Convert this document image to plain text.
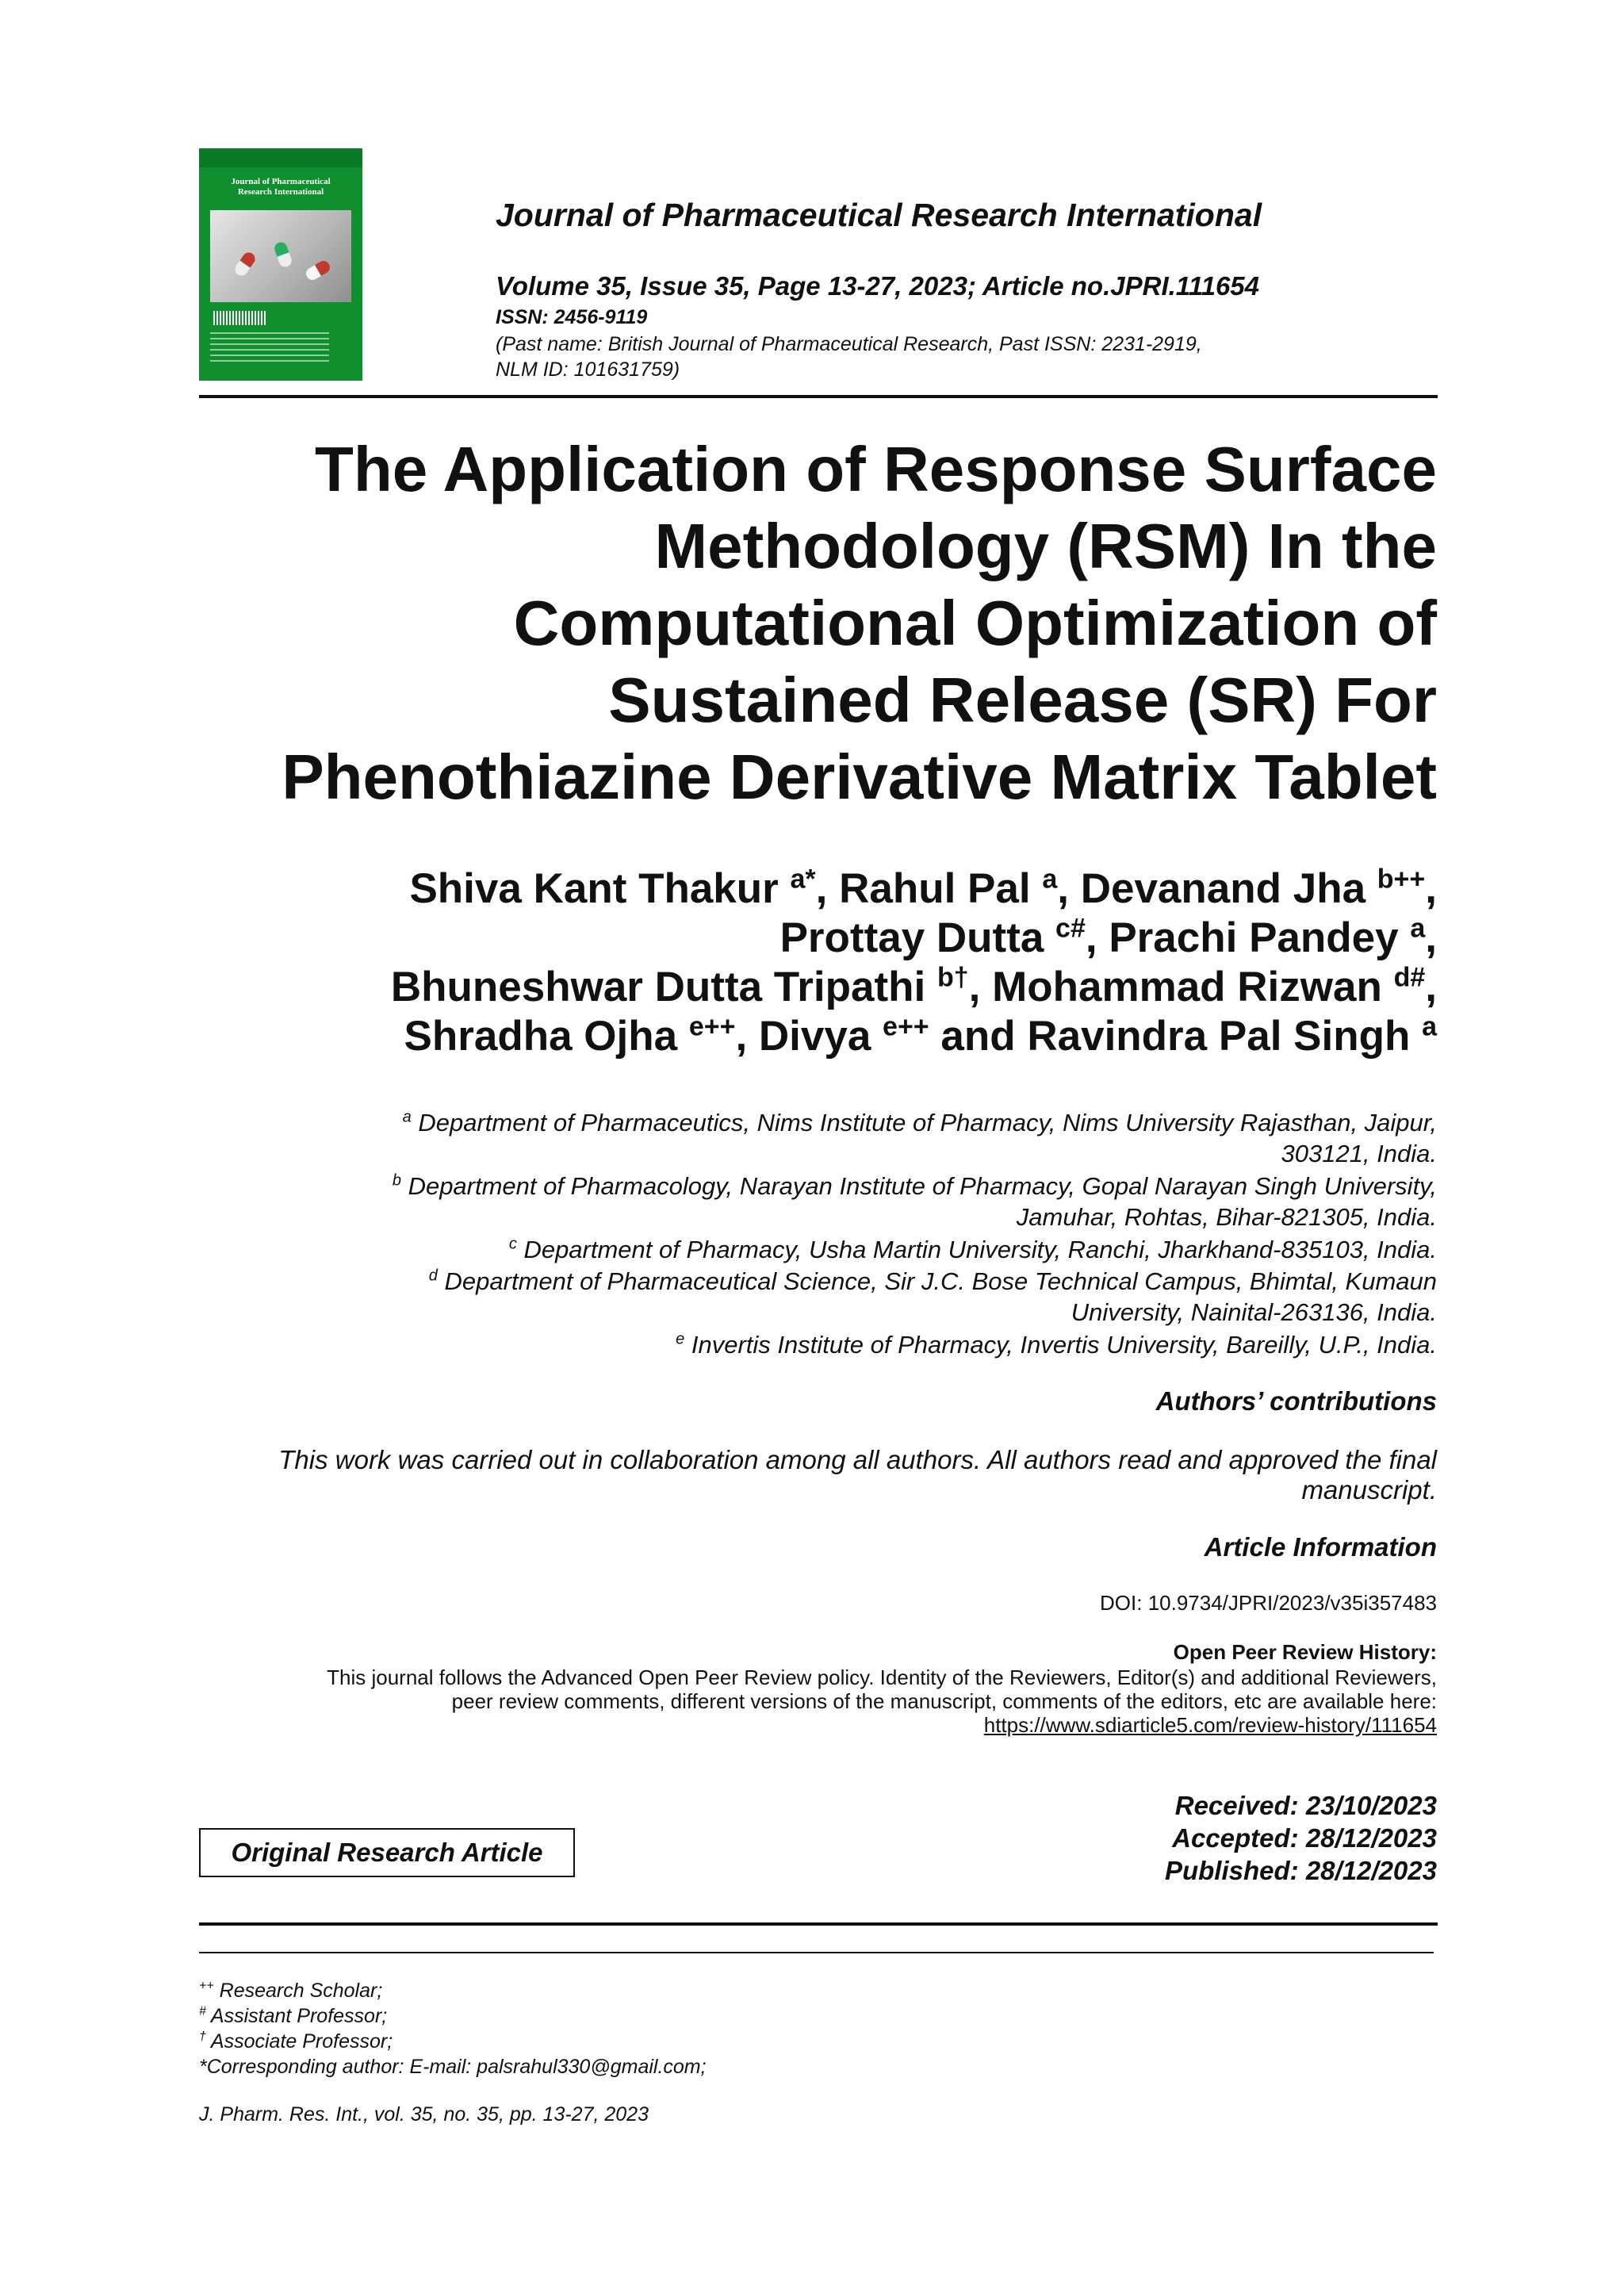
Journal of Pharmaceutical
Research International
Journal of Pharmaceutical Research International
Volume 35, Issue 35, Page 13-27, 2023; Article no.JPRI.111654
ISSN: 2456-9119
(Past name: British Journal of Pharmaceutical Research, Past ISSN: 2231-2919,
NLM ID: 101631759)
The Application of Response Surface
Methodology (RSM) In the
Computational Optimization of
Sustained Release (SR) For
Phenothiazine Derivative Matrix Tablet
Shiva Kant Thakur $^{a*}$, Rahul Pal $^a$, Devanand Jha $^{b++}$,
Prottay Dutta $^{c\#}$, Prachi Pandey $^a$,
Bhuneshwar Dutta Tripathi $^{b\dagger}$, Mohammad Rizwan $^{d\#}$,
Shradha Ojha $^{e++}$, Divya $^{e++}$ and Ravindra Pal Singh $^a$
$^a$ Department of Pharmaceutics, Nims Institute of Pharmacy, Nims University Rajasthan, Jaipur,
303121, India.
$^b$ Department of Pharmacology, Narayan Institute of Pharmacy, Gopal Narayan Singh University,
Jamuhar, Rohtas, Bihar-821305, India.
$^c$ Department of Pharmacy, Usha Martin University, Ranchi, Jharkhand-835103, India.
$^d$ Department of Pharmaceutical Science, Sir J.C. Bose Technical Campus, Bhimtal, Kumaun
University, Nainital-263136, India.
$^e$ Invertis Institute of Pharmacy, Invertis University, Bareilly, U.P., India.
Authors’ contributions
This work was carried out in collaboration among all authors. All authors read and approved the final
manuscript.
Article Information
DOI: 10.9734/JPRI/2023/v35i357483
Open Peer Review History:
This journal follows the Advanced Open Peer Review policy. Identity of the Reviewers, Editor(s) and additional Reviewers,
peer review comments, different versions of the manuscript, comments of the editors, etc are available here:
https://www.sdiarticle5.com/review-history/111654
Received: 23/10/2023
Accepted: 28/12/2023
Published: 28/12/2023
Original Research Article
++ Research Scholar;
# Assistant Professor;
† Associate Professor;
*Corresponding author: E-mail: palsrahul330@gmail.com;
J. Pharm. Res. Int., vol. 35, no. 35, pp. 13-27, 2023
